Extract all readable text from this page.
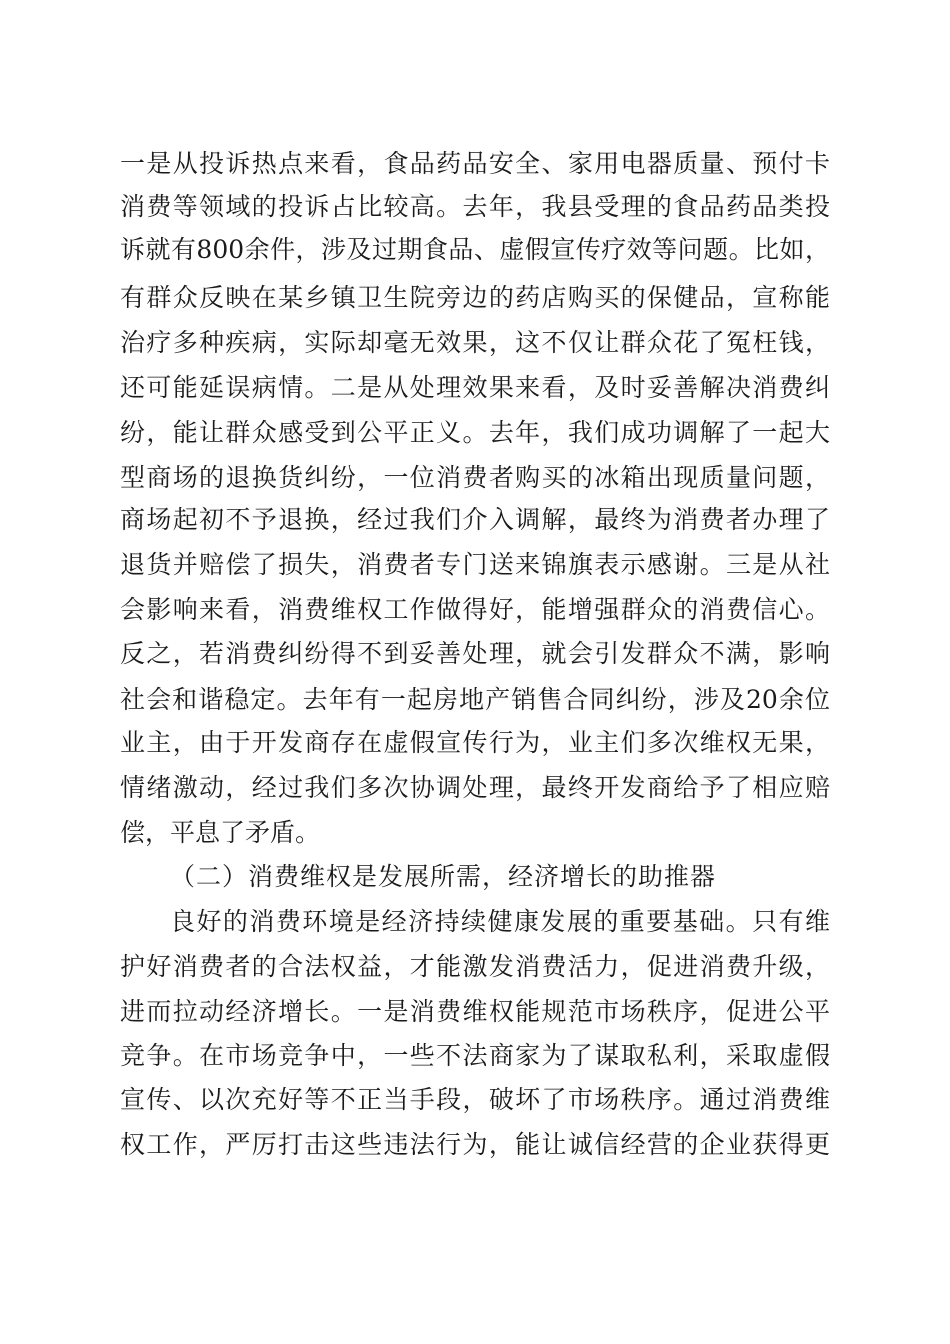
一是从投诉热点来看，食品药品安全、家用电器质量、预付卡
消费等领域的投诉占比较高。去年，我县受理的食品药品类投
诉就有800余件，涉及过期食品、虚假宣传疗效等问题。比如，
有群众反映在某乡镇卫生院旁边的药店购买的保健品，宣称能
治疗多种疾病，实际却毫无效果，这不仅让群众花了冤枉钱，
还可能延误病情。二是从处理效果来看，及时妥善解决消费纠
纷，能让群众感受到公平正义。去年，我们成功调解了一起大
型商场的退换货纠纷，一位消费者购买的冰箱出现质量问题，
商场起初不予退换，经过我们介入调解，最终为消费者办理了
退货并赔偿了损失，消费者专门送来锦旗表示感谢。三是从社
会影响来看，消费维权工作做得好，能增强群众的消费信心。
反之，若消费纠纷得不到妥善处理，就会引发群众不满，影响
社会和谐稳定。去年有一起房地产销售合同纠纷，涉及20余位
业主，由于开发商存在虚假宣传行为，业主们多次维权无果，
情绪激动，经过我们多次协调处理，最终开发商给予了相应赔
偿，平息了矛盾。
（二）消费维权是发展所需，经济增长的助推器
良好的消费环境是经济持续健康发展的重要基础。只有维
护好消费者的合法权益，才能激发消费活力，促进消费升级，
进而拉动经济增长。一是消费维权能规范市场秩序，促进公平
竞争。在市场竞争中，一些不法商家为了谋取私利，采取虚假
宣传、以次充好等不正当手段，破坏了市场秩序。通过消费维
权工作，严厉打击这些违法行为，能让诚信经营的企业获得更
